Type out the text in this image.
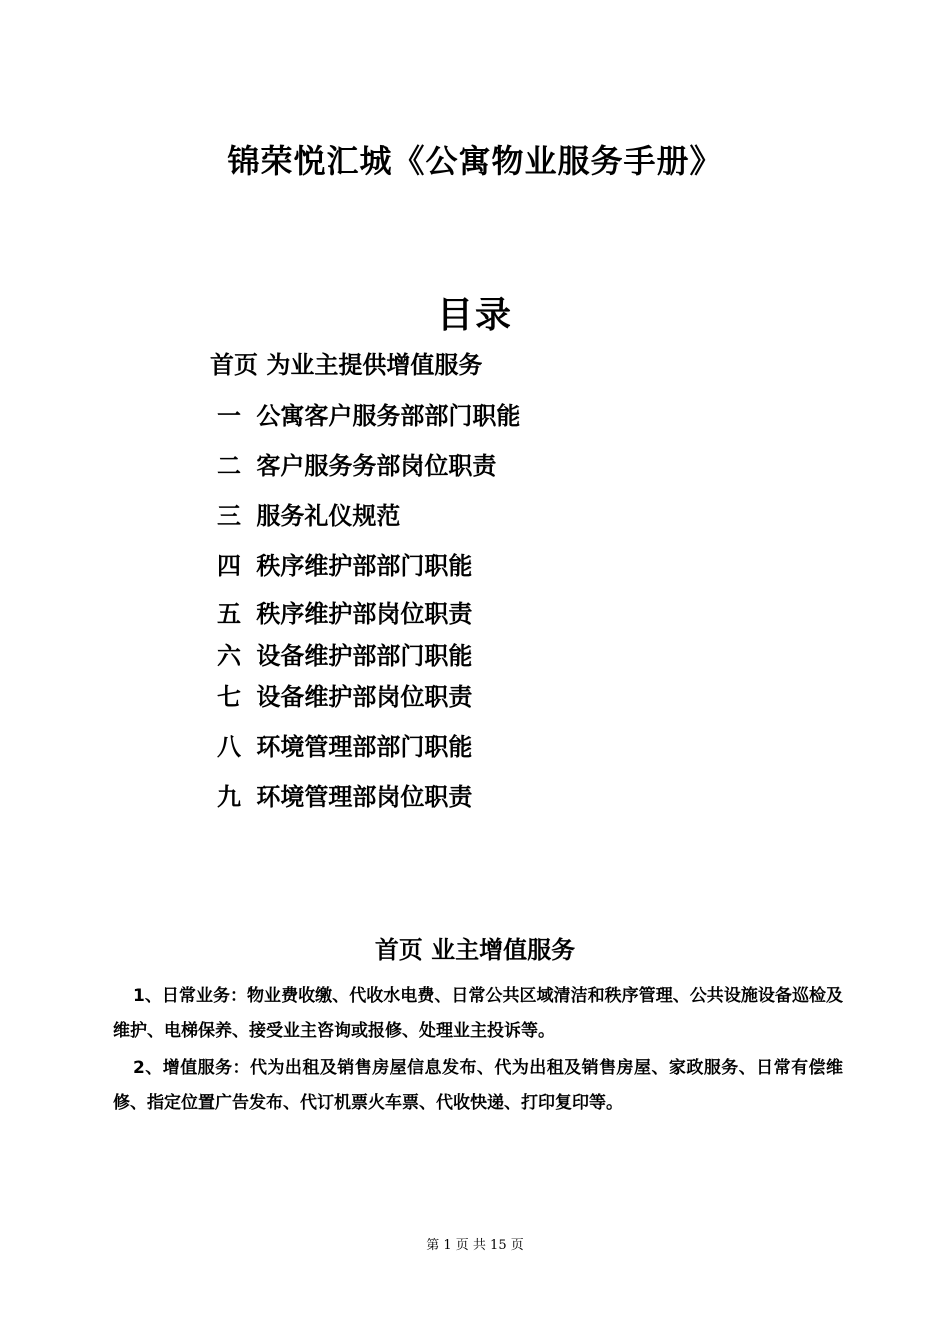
锦荣悦汇城《公寓物业服务手册》
目录
首页 为业主提供增值服务
一 公寓客户服务部部门职能
二 客户服务务部岗位职责
三 服务礼仪规范
四 秩序维护部部门职能
五 秩序维护部岗位职责
六 设备维护部部门职能
七 设备维护部岗位职责
八 环境管理部部门职能
九 环境管理部岗位职责
首页 业主增值服务
1、日常业务：物业费收缴、代收水电费、日常公共区域清洁和秩序管理、公共设施设备巡检及维护、电梯保养、接受业主咨询或报修、处理业主投诉等。
2、增值服务：代为出租及销售房屋信息发布、代为出租及销售房屋、家政服务、日常有偿维修、指定位置广告发布、代订机票火车票、代收快递、打印复印等。
第 1 页 共 15 页
